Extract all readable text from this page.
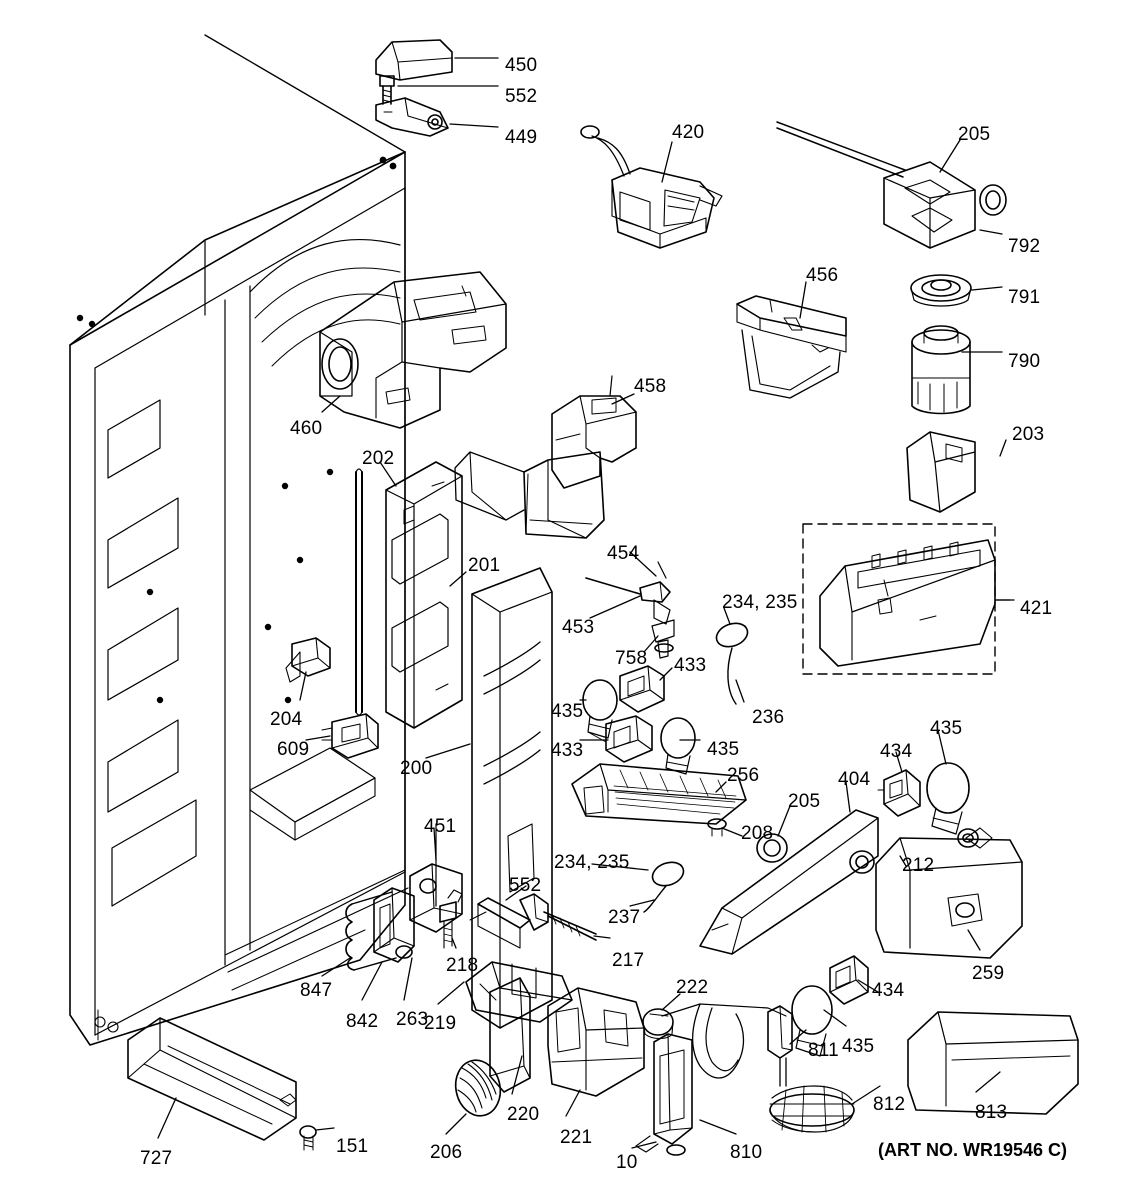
450
552
449	420	205
792
456
791
790
460
458
203
202
454
201
234, 235
453
421
758 433
204	435	236
433	435
609
435
434
200	256	404
205
208
451
212
234, 235
552
237
217
259
218
847
842 263
219
222	434
435
811
812	813
220
221
206	810
10
151
727	(ART NO. WR19546 C)
